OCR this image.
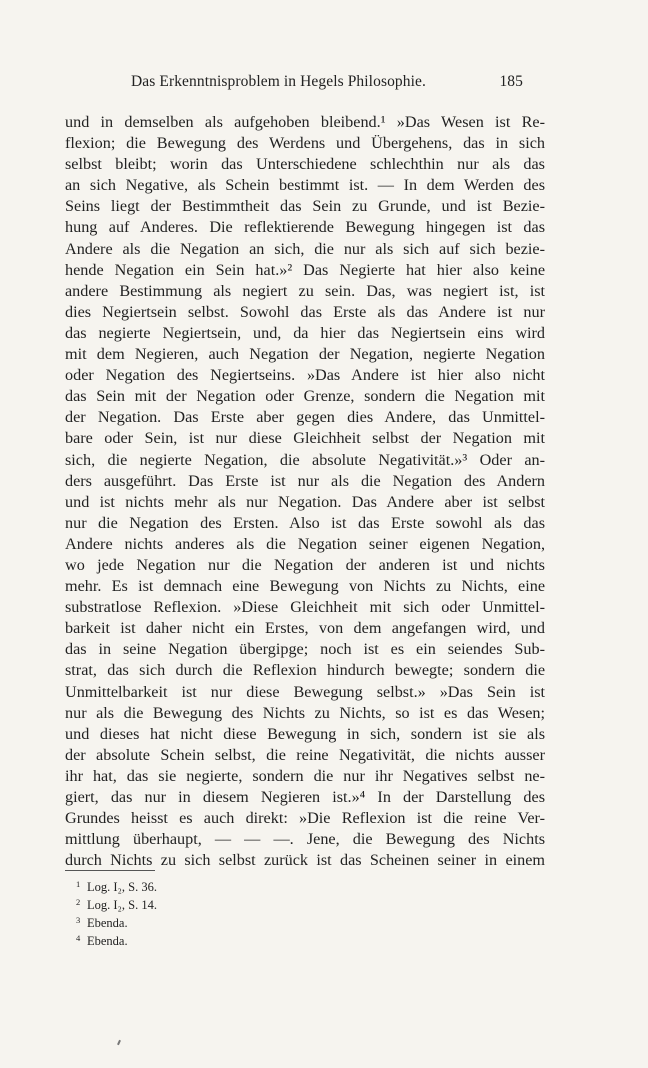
Das Erkenntnisproblem in Hegels Philosophie.	185
und in demselben als aufgehoben bleibend.¹ »Das Wesen ist Re-
flexion; die Bewegung des Werdens und Übergehens, das in sich
selbst bleibt; worin das Unterschiedene schlechthin nur als das
an sich Negative, als Schein bestimmt ist. — In dem Werden des
Seins liegt der Bestimmtheit das Sein zu Grunde, und ist Bezie-
hung auf Anderes. Die reflektierende Bewegung hingegen ist das
Andere als die Negation an sich, die nur als sich auf sich bezie-
hende Negation ein Sein hat.»² Das Negierte hat hier also keine
andere Bestimmung als negiert zu sein. Das, was negiert ist, ist
dies Negiertsein selbst. Sowohl das Erste als das Andere ist nur
das negierte Negiertsein, und, da hier das Negiertsein eins wird
mit dem Negieren, auch Negation der Negation, negierte Negation
oder Negation des Negiertseins. »Das Andere ist hier also nicht
das Sein mit der Negation oder Grenze, sondern die Negation mit
der Negation. Das Erste aber gegen dies Andere, das Unmittel-
bare oder Sein, ist nur diese Gleichheit selbst der Negation mit
sich, die negierte Negation, die absolute Negativität.»³ Oder an-
ders ausgeführt. Das Erste ist nur als die Negation des Andern
und ist nichts mehr als nur Negation. Das Andere aber ist selbst
nur die Negation des Ersten. Also ist das Erste sowohl als das
Andere nichts anderes als die Negation seiner eigenen Negation,
wo jede Negation nur die Negation der anderen ist und nichts
mehr. Es ist demnach eine Bewegung von Nichts zu Nichts, eine
substratlose Reflexion. »Diese Gleichheit mit sich oder Unmittel-
barkeit ist daher nicht ein Erstes, von dem angefangen wird, und
das in seine Negation übergipge; noch ist es ein seiendes Sub-
strat, das sich durch die Reflexion hindurch bewegte; sondern die
Unmittelbarkeit ist nur diese Bewegung selbst.» »Das Sein ist
nur als die Bewegung des Nichts zu Nichts, so ist es das Wesen;
und dieses hat nicht diese Bewegung in sich, sondern ist sie als
der absolute Schein selbst, die reine Negativität, die nichts ausser
ihr hat, das sie negierte, sondern die nur ihr Negatives selbst ne-
giert, das nur in diesem Negieren ist.»⁴ In der Darstellung des
Grundes heisst es auch direkt: »Die Reflexion ist die reine Ver-
mittlung überhaupt, — — —. Jene, die Bewegung des Nichts
durch Nichts zu sich selbst zurück ist das Scheinen seiner in einem
1 Log. I₂, S. 36.
2 Log. I₂, S. 14.
3 Ebenda.
4 Ebenda.
